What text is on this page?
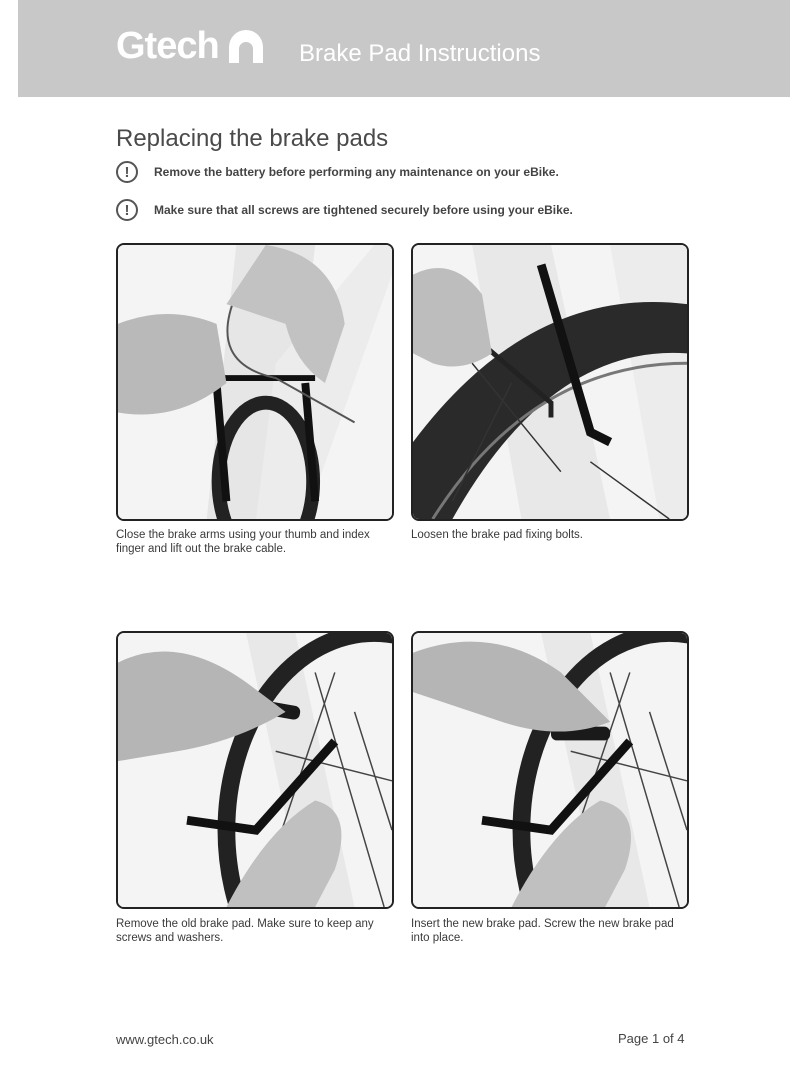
Gtech	Brake Pad Instructions
Replacing the brake pads
!	Remove the battery before performing any maintenance on your eBike.
!	Make sure that all screws are tightened securely before using your eBike.
Close the brake arms using your thumb and index finger and lift out the brake cable.
Loosen the brake pad fixing bolts.
Remove the old brake pad. Make sure to keep any screws and washers.
Insert the new brake pad. Screw the new brake pad into place.
www.gtech.co.uk	Page 1 of 4
